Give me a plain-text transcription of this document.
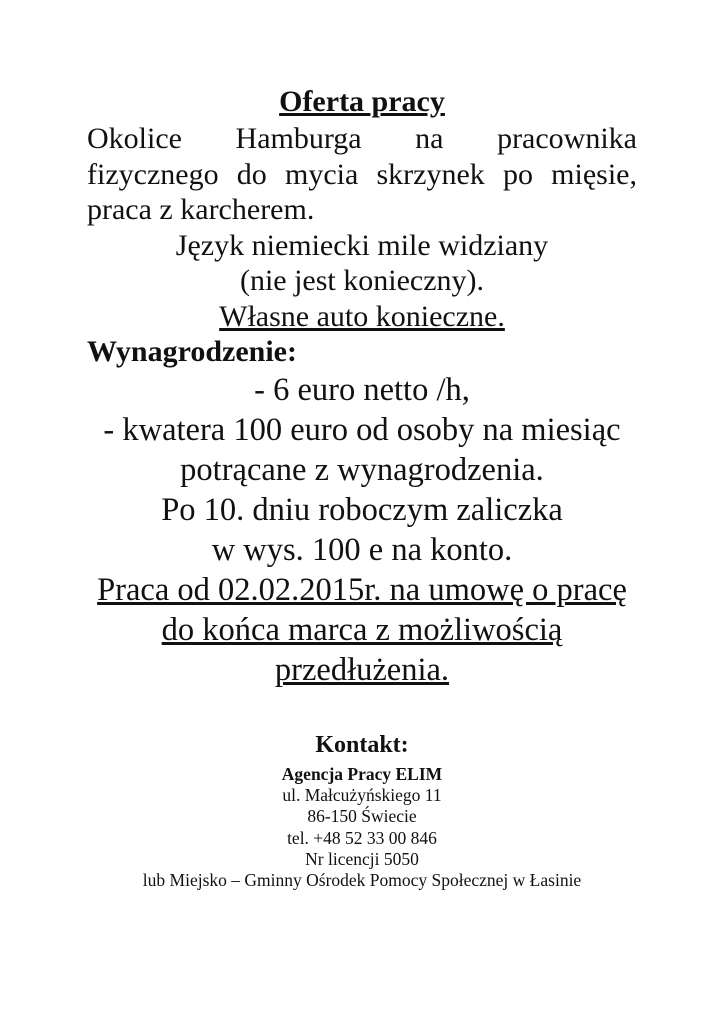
Oferta pracy
Okolice Hamburga na pracownika
fizycznego do mycia skrzynek po mięsie,
praca z karcherem.

Język niemiecki mile widziany

(nie jest konieczny).

Własne auto konieczne.

Wynagrodzenie:

- 6 euro netto /h,
- kwatera 100 euro od osoby na miesiąc
potrącane z wynagrodzenia.
Po 10. dniu roboczym zaliczka
w wys. 100 e na konto.
Praca od 02.02.2015r. na umowę o pracę
do końca marca z możliwością
przedłużenia.

Kontakt:

Agencja Pracy ELIM

ul. Małcużyńskiego 11

86-150 Świecie

tel. +48 52 33 00 846

Nr licencji 5050

lub Miejsko – Gminny Ośrodek Pomocy Społecznej w Łasinie
